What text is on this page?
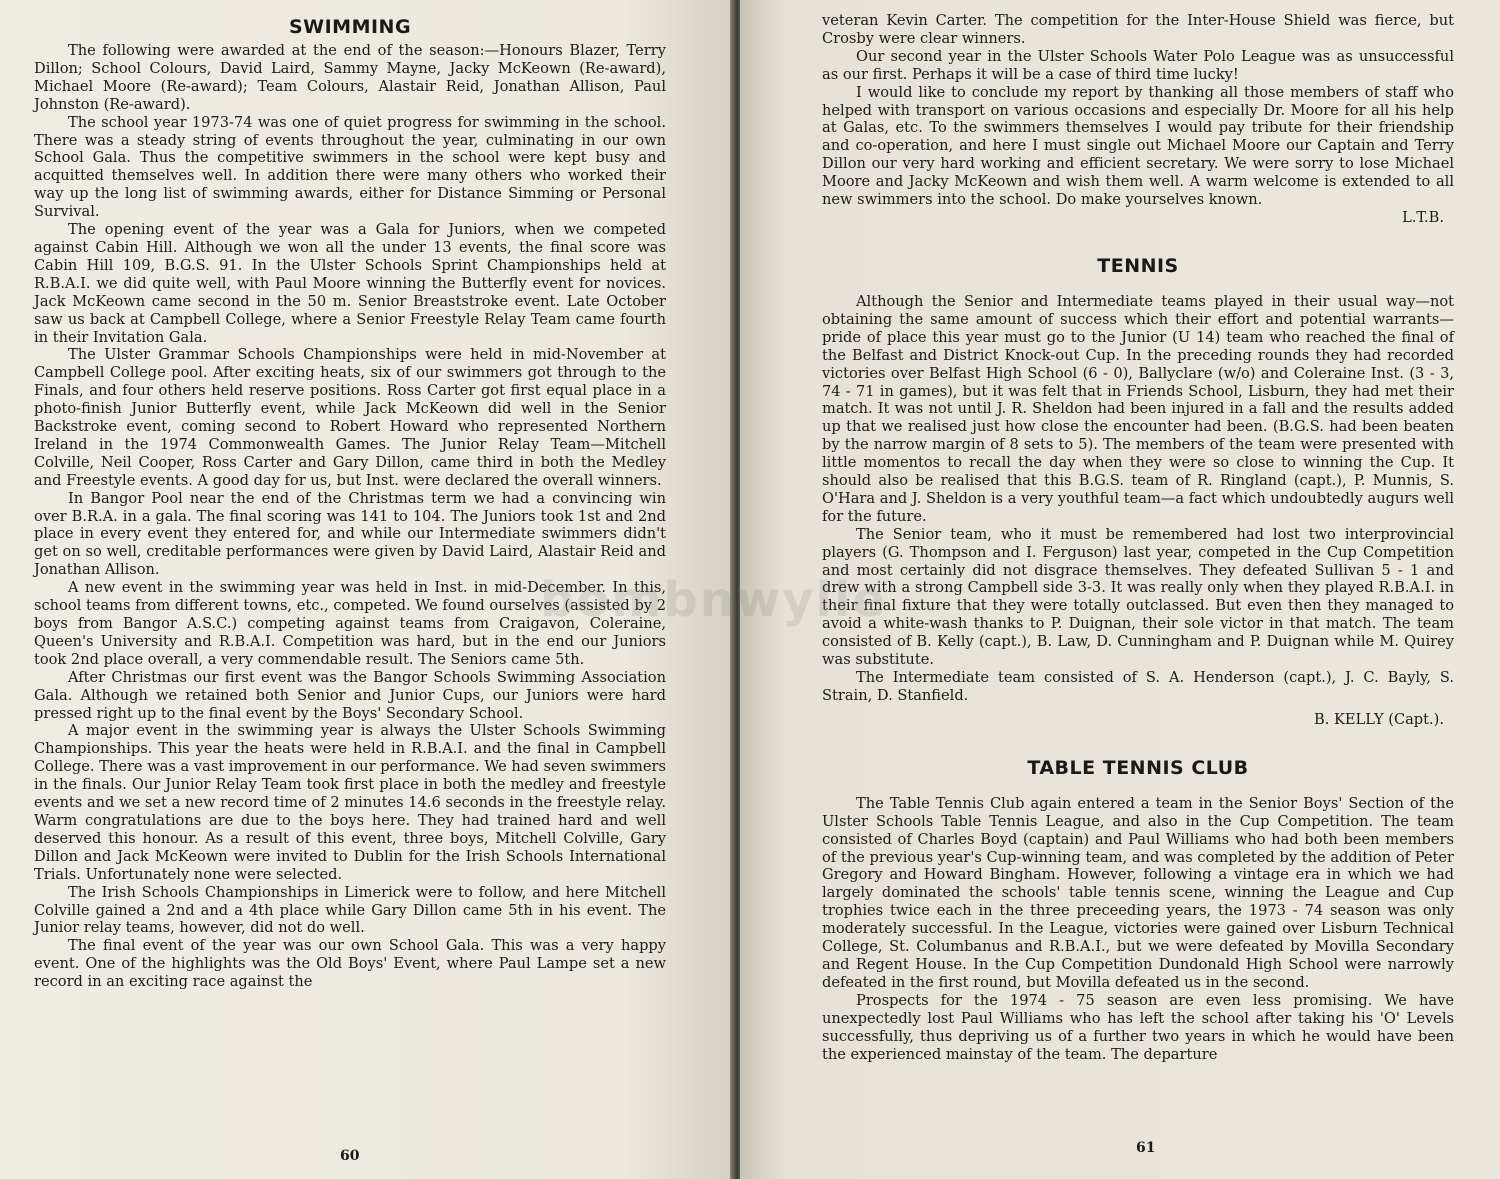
SWIMMING

The following were awarded at the end of the season:—Honours Blazer, Terry Dillon; School Colours, David Laird, Sammy Mayne, Jacky McKeown (Re-award), Michael Moore (Re-award); Team Colours, Alastair Reid, Jonathan Allison, Paul Johnston (Re-award).

The school year 1973-74 was one of quiet progress for swimming in the school. There was a steady string of events throughout the year, culminating in our own School Gala. Thus the competitive swimmers in the school were kept busy and acquitted themselves well. In addition there were many others who worked their way up the long list of swimming awards, either for Distance Simming or Personal Survival.

The opening event of the year was a Gala for Juniors, when we competed against Cabin Hill. Although we won all the under 13 events, the final score was Cabin Hill 109, B.G.S. 91. In the Ulster Schools Sprint Championships held at R.B.A.I. we did quite well, with Paul Moore winning the Butterfly event for novices. Jack McKeown came second in the 50 m. Senior Breaststroke event. Late October saw us back at Campbell College, where a Senior Freestyle Relay Team came fourth in their Invitation Gala.

The Ulster Grammar Schools Championships were held in mid-November at Campbell College pool. After exciting heats, six of our swimmers got through to the Finals, and four others held reserve positions. Ross Carter got first equal place in a photo-finish Junior Butterfly event, while Jack McKeown did well in the Senior Backstroke event, coming second to Robert Howard who represented Northern Ireland in the 1974 Commonwealth Games. The Junior Relay Team—Mitchell Colville, Neil Cooper, Ross Carter and Gary Dillon, came third in both the Medley and Freestyle events. A good day for us, but Inst. were declared the overall winners.

In Bangor Pool near the end of the Christmas term we had a convincing win over B.R.A. in a gala. The final scoring was 141 to 104. The Juniors took 1st and 2nd place in every event they entered for, and while our Intermediate swimmers didn't get on so well, creditable performances were given by David Laird, Alastair Reid and Jonathan Allison.

A new event in the swimming year was held in Inst. in mid-December. In this, school teams from different towns, etc., competed. We found ourselves (assisted by 2 boys from Bangor A.S.C.) competing against teams from Craigavon, Coleraine, Queen's University and R.B.A.I. Competition was hard, but in the end our Juniors took 2nd place overall, a very commendable result. The Seniors came 5th.

After Christmas our first event was the Bangor Schools Swimming Association Gala. Although we retained both Senior and Junior Cups, our Juniors were hard pressed right up to the final event by the Boys' Secondary School.

A major event in the swimming year is always the Ulster Schools Swimming Championships. This year the heats were held in R.B.A.I. and the final in Campbell College. There was a vast improvement in our performance. We had seven swimmers in the finals. Our Junior Relay Team took first place in both the medley and freestyle events and we set a new record time of 2 minutes 14.6 seconds in the freestyle relay. Warm congratulations are due to the boys here. They had trained hard and well deserved this honour. As a result of this event, three boys, Mitchell Colville, Gary Dillon and Jack McKeown were invited to Dublin for the Irish Schools International Trials. Unfortunately none were selected.

The Irish Schools Championships in Limerick were to follow, and here Mitchell Colville gained a 2nd and a 4th place while Gary Dillon came 5th in his event. The Junior relay teams, however, did not do well.

The final event of the year was our own School Gala. This was a very happy event. One of the highlights was the Old Boys' Event, where Paul Lampe set a new record in an exciting race against the

60

veteran Kevin Carter. The competition for the Inter-House Shield was fierce, but Crosby were clear winners.

Our second year in the Ulster Schools Water Polo League was as unsuccessful as our first. Perhaps it will be a case of third time lucky!

I would like to conclude my report by thanking all those members of staff who helped with transport on various occasions and especially Dr. Moore for all his help at Galas, etc. To the swimmers themselves I would pay tribute for their friendship and co-operation, and here I must single out Michael Moore our Captain and Terry Dillon our very hard working and efficient secretary. We were sorry to lose Michael Moore and Jacky McKeown and wish them well. A warm welcome is extended to all new swimmers into the school. Do make yourselves known.

L.T.B.
TENNIS

Although the Senior and Intermediate teams played in their usual way—not obtaining the same amount of success which their effort and potential warrants—pride of place this year must go to the Junior (U 14) team who reached the final of the Belfast and District Knock-out Cup. In the preceding rounds they had recorded victories over Belfast High School (6 - 0), Ballyclare (w/o) and Coleraine Inst. (3 - 3, 74 - 71 in games), but it was felt that in Friends School, Lisburn, they had met their match. It was not until J. R. Sheldon had been injured in a fall and the results added up that we realised just how close the encounter had been. (B.G.S. had been beaten by the narrow margin of 8 sets to 5). The members of the team were presented with little momentos to recall the day when they were so close to winning the Cup. It should also be realised that this B.G.S. team of R. Ringland (capt.), P. Munnis, S. O'Hara and J. Sheldon is a very youthful team—a fact which undoubtedly augurs well for the future.

The Senior team, who it must be remembered had lost two interprovincial players (G. Thompson and I. Ferguson) last year, competed in the Cup Competition and most certainly did not disgrace themselves. They defeated Sullivan 5 - 1 and drew with a strong Campbell side 3-3. It was really only when they played R.B.A.I. in their final fixture that they were totally outclassed. But even then they managed to avoid a white-wash thanks to P. Duignan, their sole victor in that match. The team consisted of B. Kelly (capt.), B. Law, D. Cunningham and P. Duignan while M. Quirey was substitute.

The Intermediate team consisted of S. A. Henderson (capt.), J. C. Bayly, S. Strain, D. Stanfield.

B. KELLY (Capt.).
TABLE TENNIS CLUB

The Table Tennis Club again entered a team in the Senior Boys' Section of the Ulster Schools Table Tennis League, and also in the Cup Competition. The team consisted of Charles Boyd (captain) and Paul Williams who had both been members of the previous year's Cup-winning team, and was completed by the addition of Peter Gregory and Howard Bingham. However, following a vintage era in which we had largely dominated the schools' table tennis scene, winning the League and Cup trophies twice each in the three preceeding years, the 1973 - 74 season was only moderately successful. In the League, victories were gained over Lisburn Technical College, St. Columbanus and R.B.A.I., but we were defeated by Movilla Secondary and Regent House. In the Cup Competition Dundonald High School were narrowly defeated in the first round, but Movilla defeated us in the second.

Prospects for the 1974 - 75 season are even less promising. We have unexpectedly lost Paul Williams who has left the school after taking his 'O' Levels successfully, thus depriving us of a further two years in which he would have been the experienced mainstay of the team. The departure

61
